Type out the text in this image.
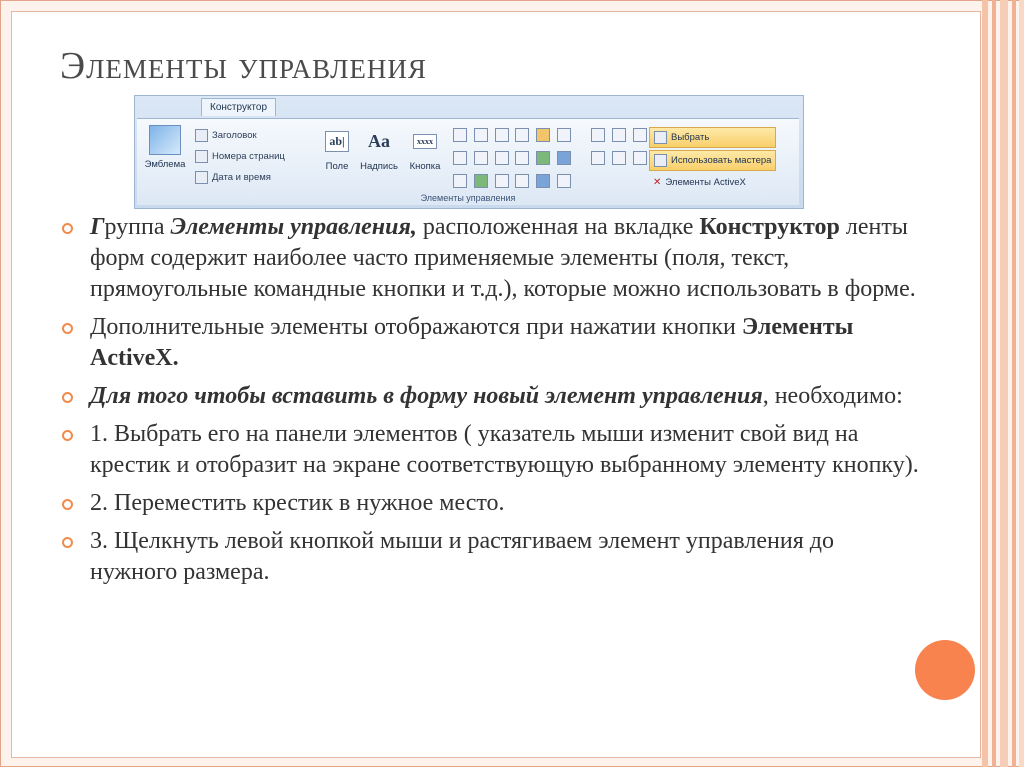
Элементы управления
Конструктор
Эмблема
Заголовок
Номера страниц
Дата и время
ab|
Поле
Aa
Надпись
xxxx
Кнопка

Выбрать
Использовать мастера
✕ Элементы ActiveX
Элементы управления
Группа Элементы управления, расположенная на вкладке Конструктор ленты форм содержит наиболее часто применяемые элементы (поля, текст, прямоугольные командные кнопки и т.д.), которые можно использовать в форме.
Дополнительные элементы отображаются при нажатии кнопки Элементы ActiveX.
Для того чтобы вставить в форму новый элемент управления, необходимо:
1. Выбрать его на панели элементов ( указатель мыши изменит свой вид на крестик и отобразит на экране соответствующую выбранному элементу кнопку).
2. Переместить крестик в нужное место.
3. Щелкнуть левой кнопкой мыши и растягиваем элемент управления до нужного размера.
